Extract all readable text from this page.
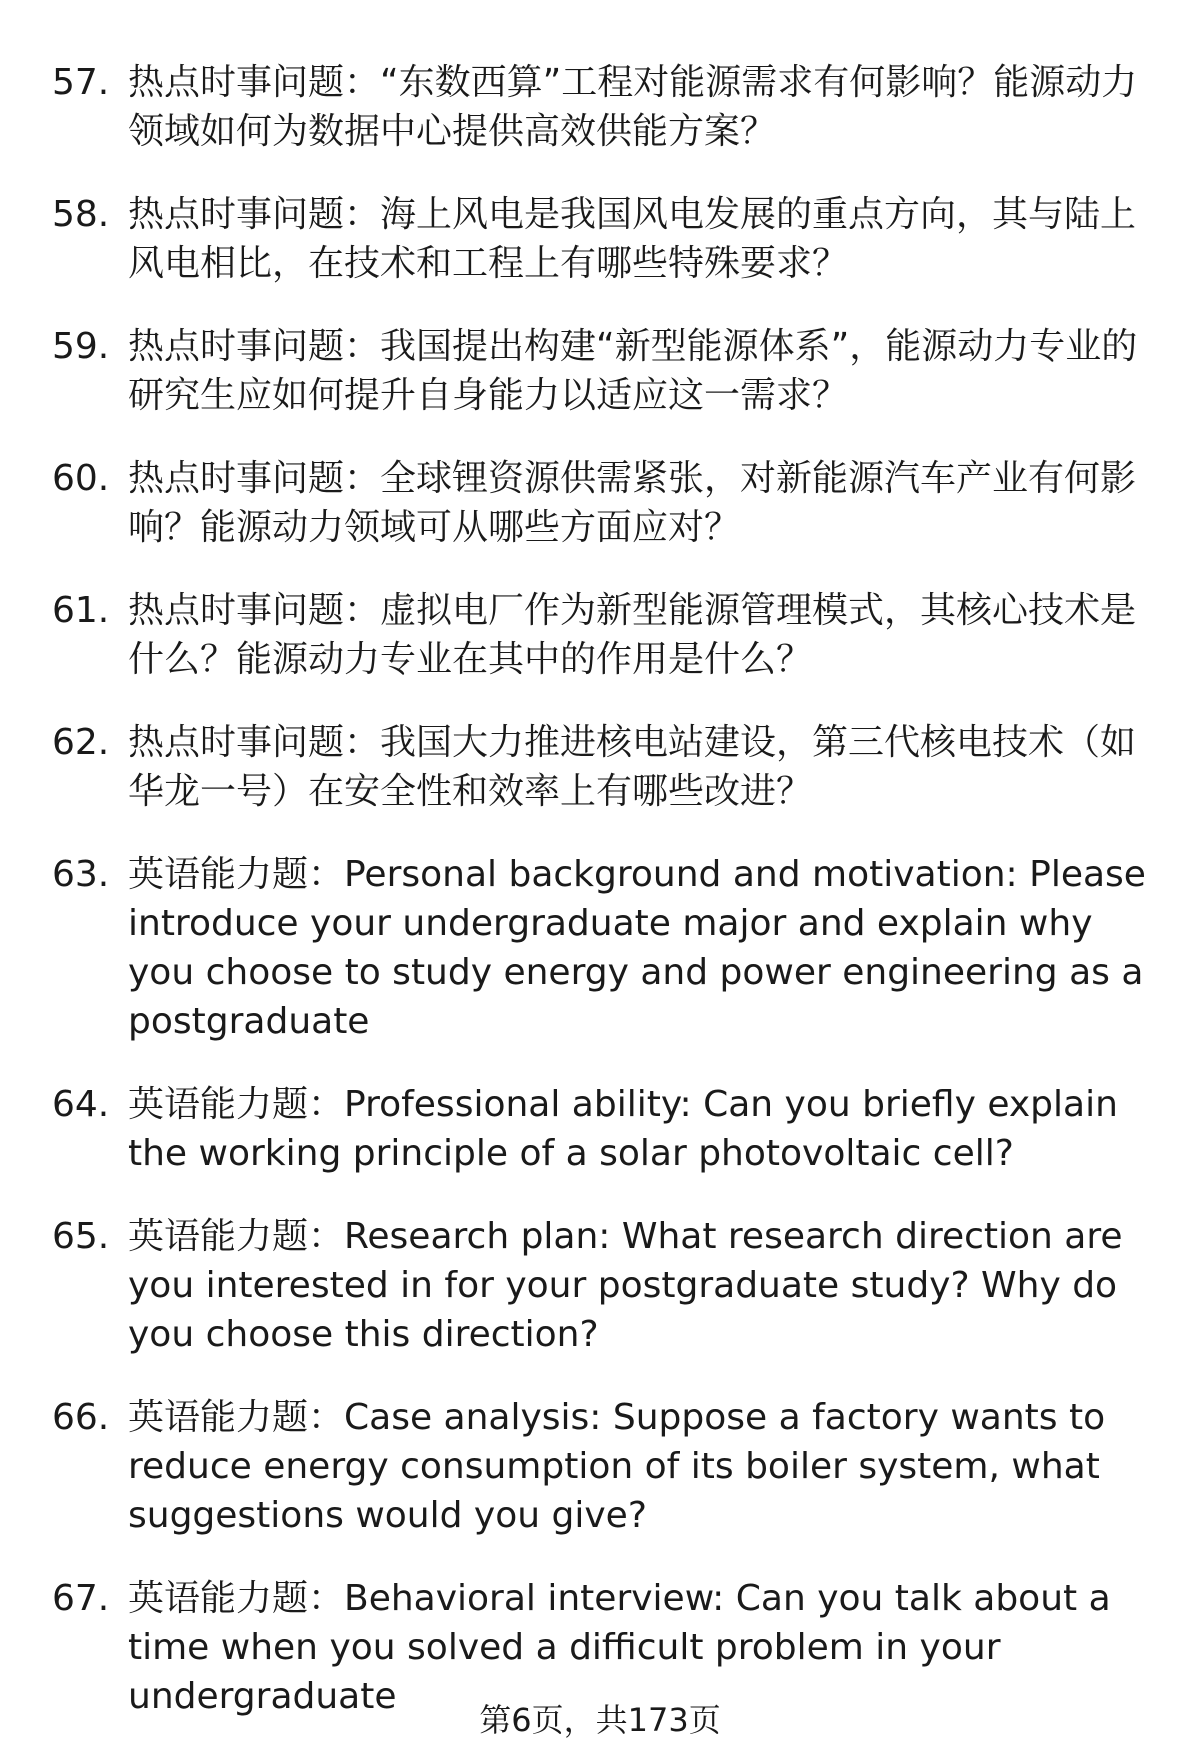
57. 热点时事问题：“东数西算”工程对能源需求有何影响？能源动力领域如何为数据中心提供高效供能方案？
58. 热点时事问题：海上风电是我国风电发展的重点方向，其与陆上风电相比，在技术和工程上有哪些特殊要求？
59. 热点时事问题：我国提出构建“新型能源体系”，能源动力专业的研究生应如何提升自身能力以适应这一需求？
60. 热点时事问题：全球锂资源供需紧张，对新能源汽车产业有何影响？能源动力领域可从哪些方面应对？
61. 热点时事问题：虚拟电厂作为新型能源管理模式，其核心技术是什么？能源动力专业在其中的作用是什么？
62. 热点时事问题：我国大力推进核电站建设，第三代核电技术（如华龙一号）在安全性和效率上有哪些改进？
63. 英语能力题：Personal background and motivation: Please introduce your undergraduate major and explain why you choose to study energy and power engineering as a postgraduate
64. 英语能力题：Professional ability: Can you briefly explain the working principle of a solar photovoltaic cell?
65. 英语能力题：Research plan: What research direction are you interested in for your postgraduate study? Why do you choose this direction?
66. 英语能力题：Case analysis: Suppose a factory wants to reduce energy consumption of its boiler system, what suggestions would you give?
67. 英语能力题：Behavioral interview: Can you talk about a time when you solved a difficult problem in your undergraduate
第6页，共173页
